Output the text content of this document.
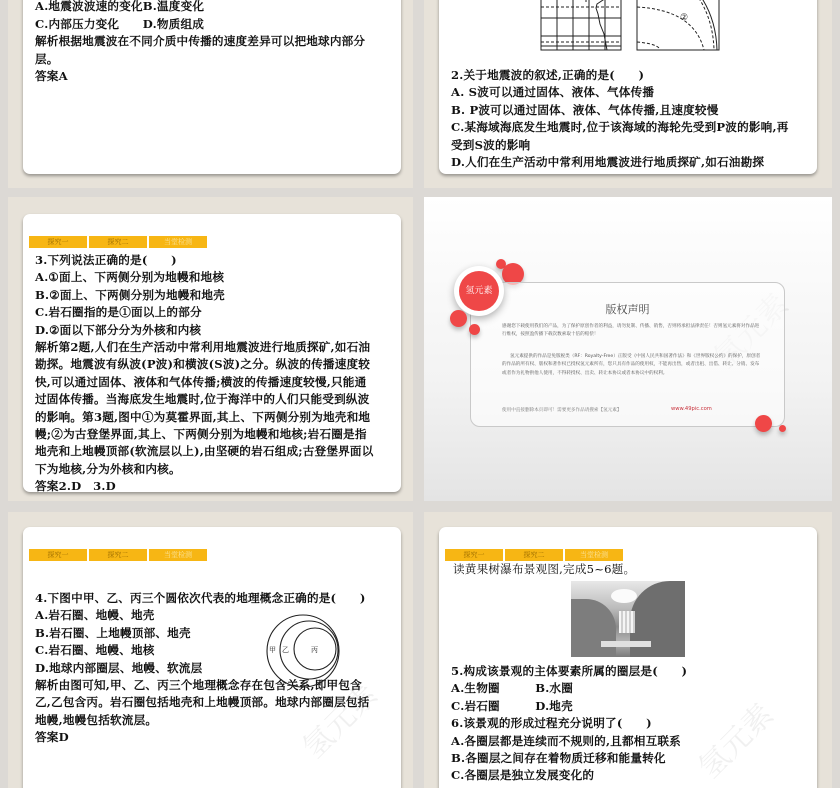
A.地震波波速的变化B.温度变化
C.内部压力变化　　D.物质组成
解析根据地震波在不同介质中传播的速度差异可以把地球内部分
层。
答案A
②
2.关于地震波的叙述,正确的是(　　)
A. S波可以通过固体、液体、气体传播
B. P波可以通过固体、液体、气体传播,且速度较慢
C.某海域海底发生地震时,位于该海域的海轮先受到P波的影响,再
受到S波的影响
D.人们在生产活动中常利用地震波进行地质探矿,如石油勘探
探究一	探究二	当堂检测
3.下列说法正确的是(　　)
A.①面上、下两侧分别为地幔和地核
B.②面上、下两侧分别为地幔和地壳
C.岩石圈指的是①面以上的部分
D.②面以下部分分为外核和内核
解析第2题,人们在生产活动中常利用地震波进行地质探矿,如石油
勘探。地震波有纵波(P波)和横波(S波)之分。纵波的传播速度较
快,可以通过固体、液体和气体传播;横波的传播速度较慢,只能通
过固体传播。当海底发生地震时,位于海洋中的人们只能受到纵波
的影响。第3题,图中①为莫霍界面,其上、下两侧分别为地壳和地
幔;②为古登堡界面,其上、下两侧分别为地幔和地核;岩石圈是指
地壳和上地幔顶部(软流层以上),由坚硬的岩石组成;古登堡界面以
下为地核,分为外核和内核。
答案2.D　3.D
版权声明
感谢您下载使用我们的产品，为了保护原创作者的利益，请勿复制、传播、销售，否则将承担法律责任！否则氢元素将对作品进行维权，按照盈传播下载次数索取十倍的赔偿！
氢元素提供的作品是免版税类（RF：Royalty-Free）正版受《中国人民共和国著作法》和《世界版权公约》的保护，原创者的作品的所有权、版权和著作权已授权氢元素所有，您只具有作品的使用权，不能再出售，或者出租、出借、转让、分销、发布或者作为礼物供他人使用，不得转授权、出卖、转让本协议或者本协议中的权利。
使用中直接删除本页即可！需要更多作品请搜索【氢元素】	www.49pic.com
氢元素
氢元素
探究一	探究二	当堂检测
4.下图中甲、乙、丙三个圆依次代表的地理概念正确的是(　　)
A.岩石圈、地幔、地壳
B.岩石圈、上地幔顶部、地壳
C.岩石圈、地幔、地核
D.地球内部圈层、地幔、软流层
解析由图可知,甲、乙、丙三个地理概念存在包含关系,即甲包含
乙,乙包含丙。岩石圈包括地壳和上地幔顶部。地球内部圈层包括
地幔,地幔包括软流层。
答案D
甲 乙	丙
氢元素
探究一	探究二	当堂检测
读黄果树瀑布景观图,完成5~6题。
5.构成该景观的主体要素所属的圈层是(　　)
A.生物圈　　　B.水圈
C.岩石圈　　　D.地壳
6.该景观的形成过程充分说明了(　　)
A.各圈层都是连续而不规则的,且都相互联系
B.各圈层之间存在着物质迁移和能量转化
C.各圈层是独立发展变化的
